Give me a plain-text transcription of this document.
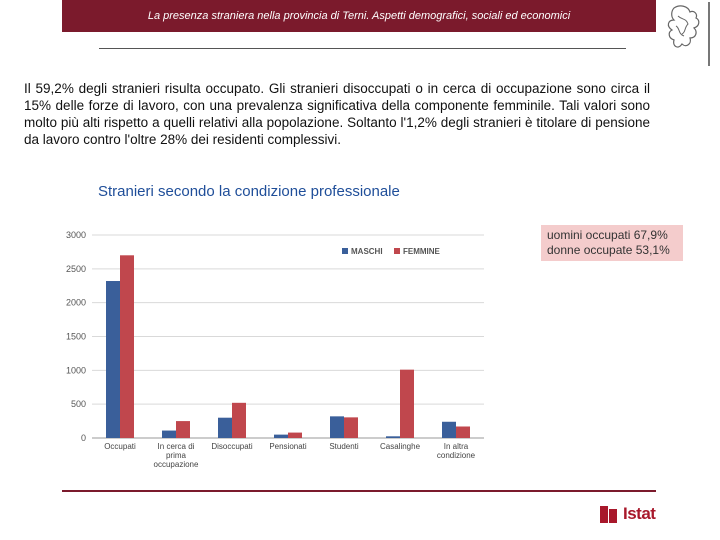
La presenza straniera nella provincia di Terni. Aspetti demografici, sociali ed economici
Il 59,2% degli stranieri risulta occupato. Gli stranieri disoccupati o in cerca di occupazione sono circa il 15% delle forze di lavoro, con una prevalenza significativa della componente femminile. Tali valori sono molto più alti rispetto a quelli relativi alla popolazione. Soltanto l'1,2% degli stranieri è titolare di pensione da lavoro contro l'oltre 28% dei residenti complessivi.
Stranieri secondo la condizione professionale
0
500
1000
1500
2000
2500
3000
Occupati	In cerca di prima occupazione
Disoccupati Pensionati	Studenti	Casalinghe	In altra condizione
MASCHI	FEMMINE
uomini occupati 67,9%
donne occupate 53,1%
Istat
